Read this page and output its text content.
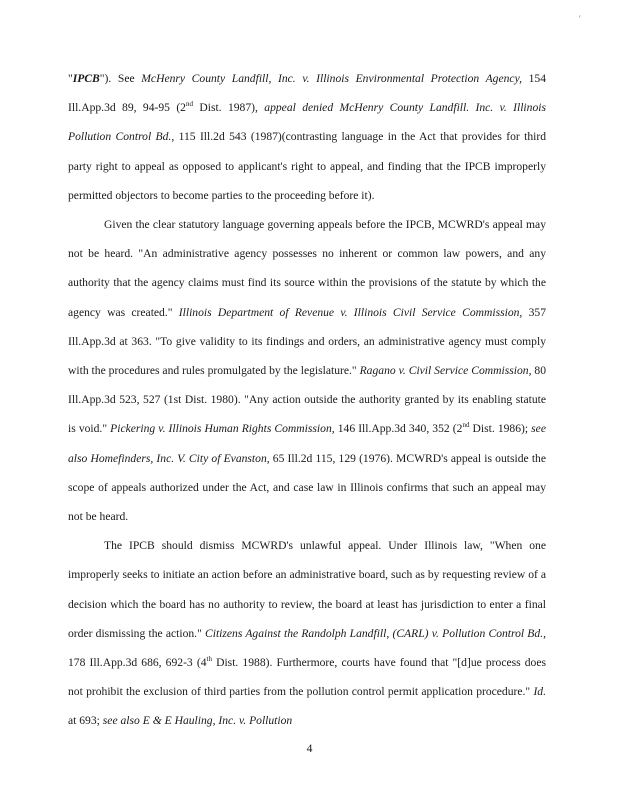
'

"IPCB"). See McHenry County Landfill, Inc. v. Illinois Environmental Protection Agency, 154 Ill.App.3d 89, 94-95 (2nd Dist. 1987), appeal denied McHenry County Landfill. Inc. v. Illinois Pollution Control Bd., 115 Ill.2d 543 (1987)(contrasting language in the Act that provides for third party right to appeal as opposed to applicant's right to appeal, and finding that the IPCB improperly permitted objectors to become parties to the proceeding before it).

Given the clear statutory language governing appeals before the IPCB, MCWRD's appeal may not be heard. "An administrative agency possesses no inherent or common law powers, and any authority that the agency claims must find its source within the provisions of the statute by which the agency was created." Illinois Department of Revenue v. Illinois Civil Service Commission, 357 Ill.App.3d at 363. "To give validity to its findings and orders, an administrative agency must comply with the procedures and rules promulgated by the legislature." Ragano v. Civil Service Commission, 80 Ill.App.3d 523, 527 (1st Dist. 1980). "Any action outside the authority granted by its enabling statute is void." Pickering v. Illinois Human Rights Commission, 146 Ill.App.3d 340, 352 (2nd Dist. 1986); see also Homefinders, Inc. V. City of Evanston, 65 Ill.2d 115, 129 (1976). MCWRD's appeal is outside the scope of appeals authorized under the Act, and case law in Illinois confirms that such an appeal may not be heard.

The IPCB should dismiss MCWRD's unlawful appeal. Under Illinois law, "When one improperly seeks to initiate an action before an administrative board, such as by requesting review of a decision which the board has no authority to review, the board at least has jurisdiction to enter a final order dismissing the action." Citizens Against the Randolph Landfill, (CARL) v. Pollution Control Bd., 178 Ill.App.3d 686, 692-3 (4th Dist. 1988). Furthermore, courts have found that "[d]ue process does not prohibit the exclusion of third parties from the pollution control permit application procedure." Id. at 693; see also E & E Hauling, Inc. v. Pollution

4
